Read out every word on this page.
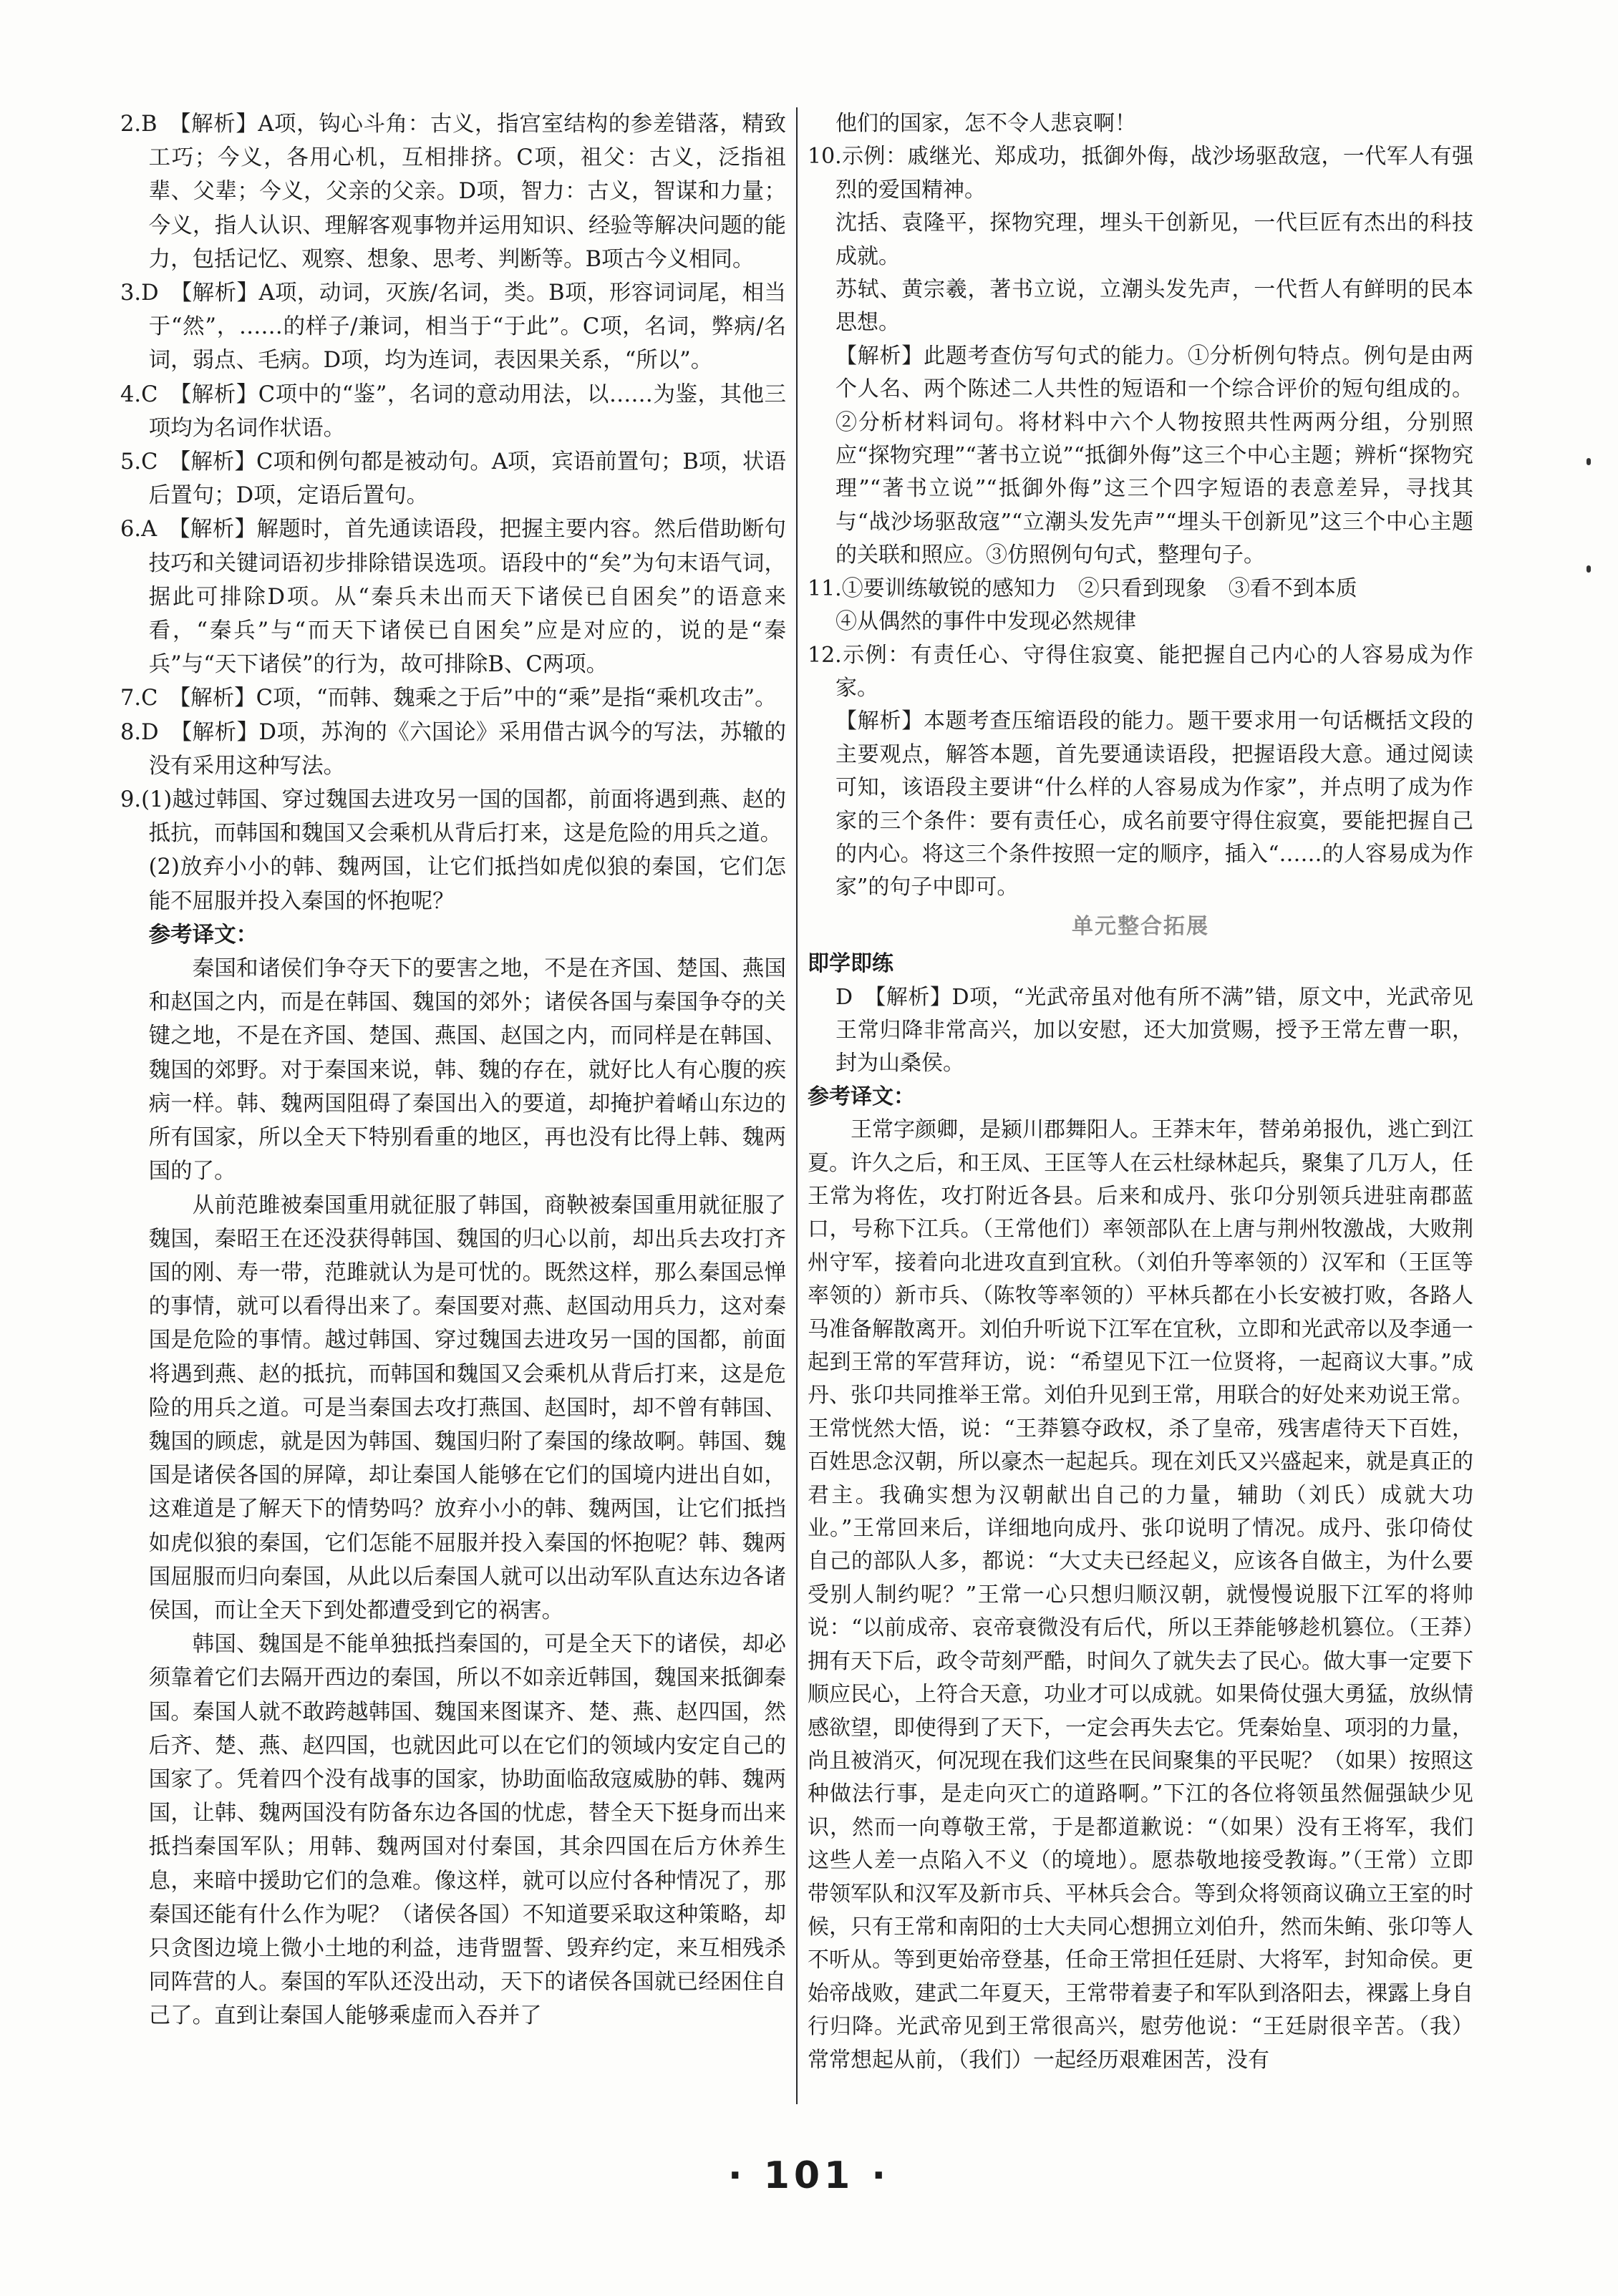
2.B　【解析】A项，钩心斗角：古义，指宫室结构的参差错落，精致工巧；今义，各用心机，互相排挤。C项，祖父：古义，泛指祖辈、父辈；今义，父亲的父亲。D项，智力：古义，智谋和力量；今义，指人认识、理解客观事物并运用知识、经验等解决问题的能力，包括记忆、观察、想象、思考、判断等。B项古今义相同。

3.D　【解析】A项，动词，灭族/名词，类。B项，形容词词尾，相当于“然”，……的样子/兼词，相当于“于此”。C项，名词，弊病/名词，弱点、毛病。D项，均为连词，表因果关系，“所以”。

4.C　【解析】C项中的“鉴”，名词的意动用法，以……为鉴，其他三项均为名词作状语。

5.C　【解析】C项和例句都是被动句。A项，宾语前置句；B项，状语后置句；D项，定语后置句。

6.A　【解析】解题时，首先通读语段，把握主要内容。然后借助断句技巧和关键词语初步排除错误选项。语段中的“矣”为句末语气词，据此可排除D项。从“秦兵未出而天下诸侯已自困矣”的语意来看，“秦兵”与“而天下诸侯已自困矣”应是对应的，说的是“秦兵”与“天下诸侯”的行为，故可排除B、C两项。

7.C　【解析】C项，“而韩、魏乘之于后”中的“乘”是指“乘机攻击”。

8.D　【解析】D项，苏洵的《六国论》采用借古讽今的写法，苏辙的没有采用这种写法。

9.(1)越过韩国、穿过魏国去进攻另一国的国都，前面将遇到燕、赵的抵抗，而韩国和魏国又会乘机从背后打来，这是危险的用兵之道。

(2)放弃小小的韩、魏两国，让它们抵挡如虎似狼的秦国，它们怎能不屈服并投入秦国的怀抱呢？

参考译文：

秦国和诸侯们争夺天下的要害之地，不是在齐国、楚国、燕国和赵国之内，而是在韩国、魏国的郊外；诸侯各国与秦国争夺的关键之地，不是在齐国、楚国、燕国、赵国之内，而同样是在韩国、魏国的郊野。对于秦国来说，韩、魏的存在，就好比人有心腹的疾病一样。韩、魏两国阻碍了秦国出入的要道，却掩护着崤山东边的所有国家，所以全天下特别看重的地区，再也没有比得上韩、魏两国的了。

从前范雎被秦国重用就征服了韩国，商鞅被秦国重用就征服了魏国，秦昭王在还没获得韩国、魏国的归心以前，却出兵去攻打齐国的刚、寿一带，范雎就认为是可忧的。既然这样，那么秦国忌惮的事情，就可以看得出来了。秦国要对燕、赵国动用兵力，这对秦国是危险的事情。越过韩国、穿过魏国去进攻另一国的国都，前面将遇到燕、赵的抵抗，而韩国和魏国又会乘机从背后打来，这是危险的用兵之道。可是当秦国去攻打燕国、赵国时，却不曾有韩国、魏国的顾虑，就是因为韩国、魏国归附了秦国的缘故啊。韩国、魏国是诸侯各国的屏障，却让秦国人能够在它们的国境内进出自如，这难道是了解天下的情势吗？放弃小小的韩、魏两国，让它们抵挡如虎似狼的秦国，它们怎能不屈服并投入秦国的怀抱呢？韩、魏两国屈服而归向秦国，从此以后秦国人就可以出动军队直达东边各诸侯国，而让全天下到处都遭受到它的祸害。

韩国、魏国是不能单独抵挡秦国的，可是全天下的诸侯，却必须靠着它们去隔开西边的秦国，所以不如亲近韩国，魏国来抵御秦国。秦国人就不敢跨越韩国、魏国来图谋齐、楚、燕、赵四国，然后齐、楚、燕、赵四国，也就因此可以在它们的领域内安定自己的国家了。凭着四个没有战事的国家，协助面临敌寇威胁的韩、魏两国，让韩、魏两国没有防备东边各国的忧虑，替全天下挺身而出来抵挡秦国军队；用韩、魏两国对付秦国，其余四国在后方休养生息，来暗中援助它们的急难。像这样，就可以应付各种情况了，那秦国还能有什么作为呢？（诸侯各国）不知道要采取这种策略，却只贪图边境上微小土地的利益，违背盟誓、毁弃约定，来互相残杀同阵营的人。秦国的军队还没出动，天下的诸侯各国就已经困住自己了。直到让秦国人能够乘虚而入吞并了

他们的国家，怎不令人悲哀啊！

10.示例：戚继光、郑成功，抵御外侮，战沙场驱敌寇，一代军人有强烈的爱国精神。

沈括、袁隆平，探物究理，埋头干创新见，一代巨匠有杰出的科技成就。

苏轼、黄宗羲，著书立说，立潮头发先声，一代哲人有鲜明的民本思想。

【解析】此题考查仿写句式的能力。①分析例句特点。例句是由两个人名、两个陈述二人共性的短语和一个综合评价的短句组成的。②分析材料词句。将材料中六个人物按照共性两两分组，分别照应“探物究理”“著书立说”“抵御外侮”这三个中心主题；辨析“探物究理”“著书立说”“抵御外侮”这三个四字短语的表意差异，寻找其与“战沙场驱敌寇”“立潮头发先声”“埋头干创新见”这三个中心主题的关联和照应。③仿照例句句式，整理句子。

11.①要训练敏锐的感知力　②只看到现象　③看不到本质

④从偶然的事件中发现必然规律

12.示例：有责任心、守得住寂寞、能把握自己内心的人容易成为作家。

【解析】本题考查压缩语段的能力。题干要求用一句话概括文段的主要观点，解答本题，首先要通读语段，把握语段大意。通过阅读可知，该语段主要讲“什么样的人容易成为作家”，并点明了成为作家的三个条件：要有责任心，成名前要守得住寂寞，要能把握自己的内心。将这三个条件按照一定的顺序，插入“……的人容易成为作家”的句子中即可。

单元整合拓展

即学即练

D　【解析】D项，“光武帝虽对他有所不满”错，原文中，光武帝见王常归降非常高兴，加以安慰，还大加赏赐，授予王常左曹一职，封为山桑侯。

参考译文：

王常字颜卿，是颍川郡舞阳人。王莽末年，替弟弟报仇，逃亡到江夏。许久之后，和王凤、王匡等人在云杜绿林起兵，聚集了几万人，任王常为将佐，攻打附近各县。后来和成丹、张卬分别领兵进驻南郡蓝口，号称下江兵。（王常他们）率领部队在上唐与荆州牧激战，大败荆州守军，接着向北进攻直到宜秋。（刘伯升等率领的）汉军和（王匡等率领的）新市兵、（陈牧等率领的）平林兵都在小长安被打败，各路人马准备解散离开。刘伯升听说下江军在宜秋，立即和光武帝以及李通一起到王常的军营拜访，说：“希望见下江一位贤将，一起商议大事。”成丹、张卬共同推举王常。刘伯升见到王常，用联合的好处来劝说王常。王常恍然大悟，说：“王莽篡夺政权，杀了皇帝，残害虐待天下百姓，百姓思念汉朝，所以豪杰一起起兵。现在刘氏又兴盛起来，就是真正的君主。我确实想为汉朝献出自己的力量，辅助（刘氏）成就大功业。”王常回来后，详细地向成丹、张卬说明了情况。成丹、张卬倚仗自己的部队人多，都说：“大丈夫已经起义，应该各自做主，为什么要受别人制约呢？”王常一心只想归顺汉朝，就慢慢说服下江军的将帅说：“以前成帝、哀帝衰微没有后代，所以王莽能够趁机篡位。（王莽）拥有天下后，政令苛刻严酷，时间久了就失去了民心。做大事一定要下顺应民心，上符合天意，功业才可以成就。如果倚仗强大勇猛，放纵情感欲望，即使得到了天下，一定会再失去它。凭秦始皇、项羽的力量，尚且被消灭，何况现在我们这些在民间聚集的平民呢？（如果）按照这种做法行事，是走向灭亡的道路啊。”下江的各位将领虽然倔强缺少见识，然而一向尊敬王常，于是都道歉说：“（如果）没有王将军，我们这些人差一点陷入不义（的境地）。愿恭敬地接受教诲。”（王常）立即带领军队和汉军及新市兵、平林兵会合。等到众将领商议确立王室的时候，只有王常和南阳的士大夫同心想拥立刘伯升，然而朱鲔、张卬等人不听从。等到更始帝登基，任命王常担任廷尉、大将军，封知命侯。更始帝战败，建武二年夏天，王常带着妻子和军队到洛阳去，裸露上身自行归降。光武帝见到王常很高兴，慰劳他说：“王廷尉很辛苦。（我）常常想起从前，（我们）一起经历艰难困苦，没有

· 101 ·
